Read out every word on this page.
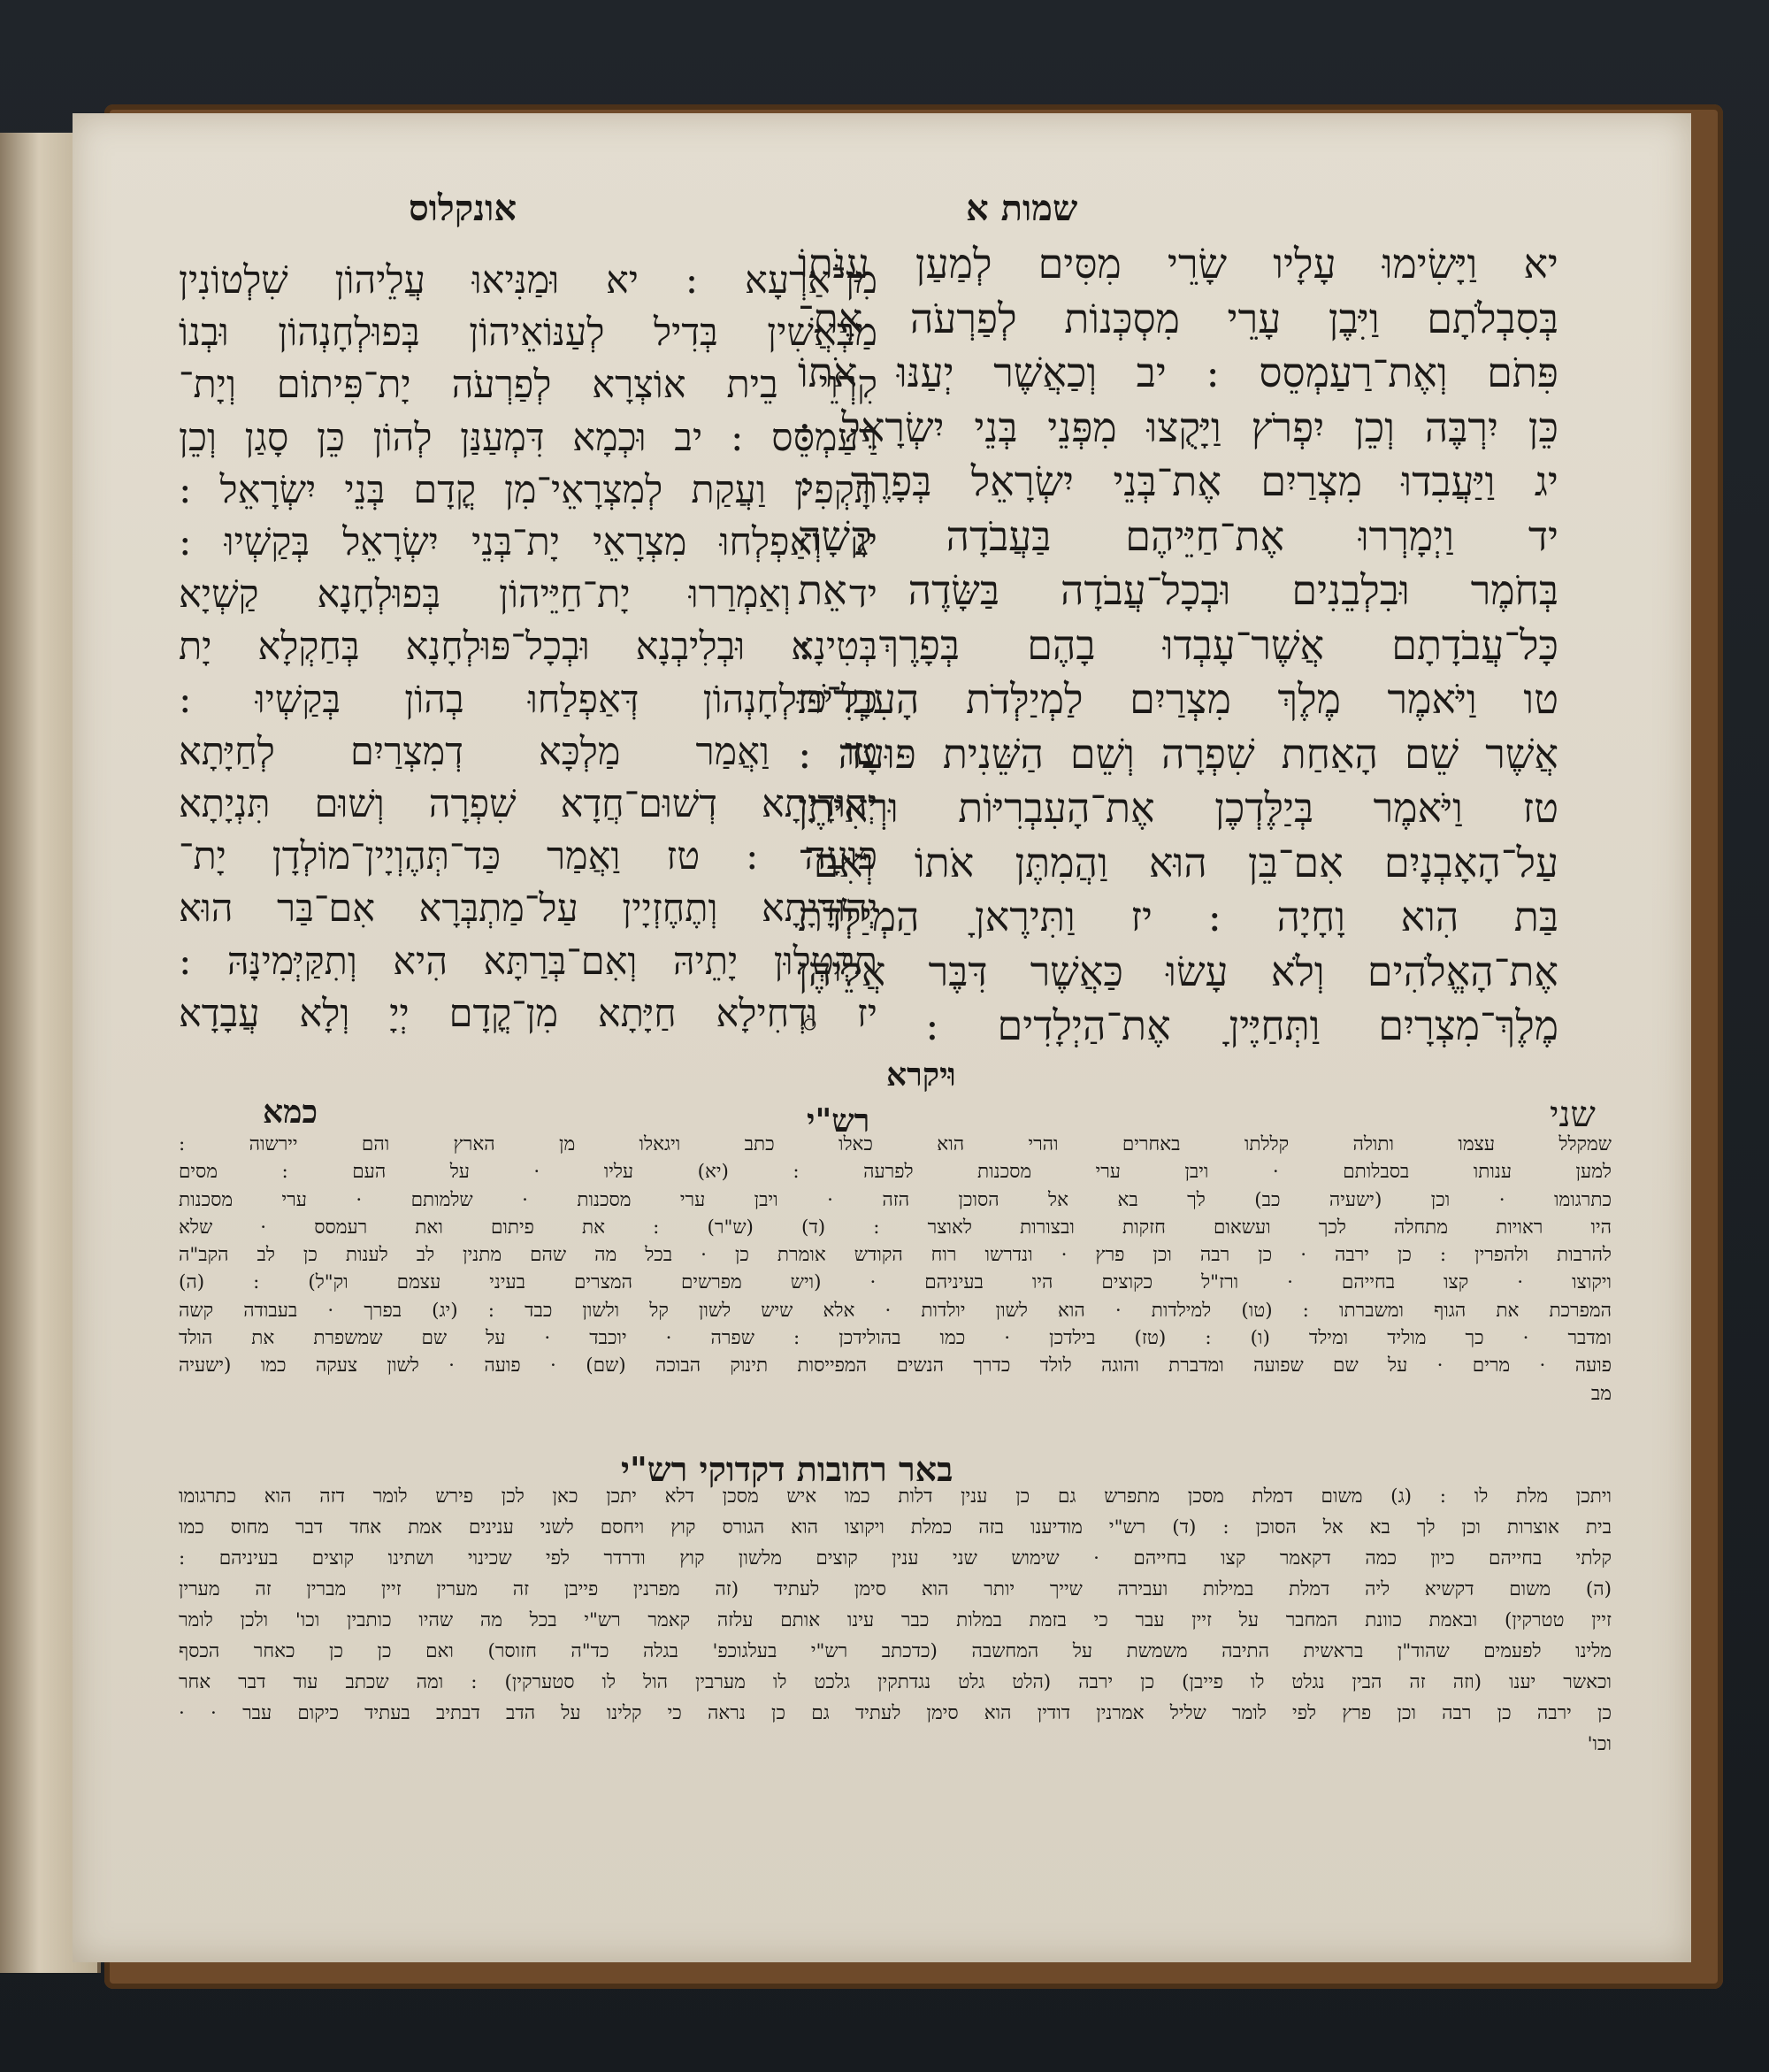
שמות א
אונקלוס
יא וַיָּשִׂימוּ עָלָיו שָׂרֵי מִסִּים לְמַעַן עַנֹּתוֹ
בְּסִבְלֹתָם וַיִּבֶן עָרֵי מִסְכְּנוֹת לְפַרְעֹה אֶת־
פִּתֹם וְאֶת־רַעַמְסֵס : יב וְכַאֲשֶׁר יְעַנּוּ אֹתוֹ
כֵּן יִרְבֶּה וְכֵן יִפְרֹץ וַיָּקֻצוּ מִפְּנֵי בְּנֵי יִשְׂרָאֵל :
יג וַיַּעֲבִדוּ מִצְרַיִם אֶת־בְּנֵי יִשְׂרָאֵל בְּפָרֶךְ :
יד וַיְמָרְרוּ אֶת־חַיֵּיהֶם בַּעֲבֹדָה קָשָׁה
בְּחֹמֶר וּבִלְבֵנִים וּבְכָל־עֲבֹדָה בַּשָּׂדֶה אֵת
כָּל־עֲבֹדָתָם אֲשֶׁר־עָבְדוּ בָהֶם בְּפָרֶךְ :
טו וַיֹּאמֶר מֶלֶךְ מִצְרַיִם לַמְיַלְּדֹת הָעִבְרִיֹּת
אֲשֶׁר שֵׁם הָאַחַת שִׁפְרָה וְשֵׁם הַשֵּׁנִית פּוּעָה :
טז וַיֹּאמֶר בְּיַלֶּדְכֶן אֶת־הָעִבְרִיּוֹת וּרְאִיתֶן
עַל־הָאָבְנָיִם אִם־בֵּן הוּא וַהֲמִתֶּן אֹתוֹ וְאִם־
בַּת הִוא וָחָיָה : יז וַתִּירֶאןָ הַמְיַלְּדֹת
אֶת־הָאֱלֹהִים וְלֹא עָשׂוּ כַּאֲשֶׁר דִּבֶּר אֲלֵיהֶן
מֶלֶךְ־מִצְרָיִם וַתְּחַיֶּיןָ אֶת־הַיְלָדִים : ◦
מִן־אַרְעָא : יא וּמַנִּיאוּ עֲלֵיהוֹן שִׁלְטוֹנִין
מַבְאֲשִׁין בְּדִיל לְעַנּוֹאֵיהוֹן בְּפוּלְחָנְהוֹן וּבְנוֹ
קִרְוֵי בֵית אוֹצְרָא לְפַרְעֹה יָת־פִּיתוֹם וְיָת־
רַעַמְסֵס : יב וּכְמָא דִּמְעַנַּן לְהוֹן כֵּן סָגַן וְכֵן
תָּקְפִין וַעֲקַת לְמִצְרָאֵי־מִן קֳדָם בְּנֵי יִשְׂרָאֵל :
יג וְאַפְלְחוּ מִצְרָאֵי יָת־בְּנֵי יִשְׂרָאֵל בְּקַשְׁיוּ :
יד וְאַמְרַרוּ יָת־חַיֵּיהוֹן בְּפוּלְחָנָא קַשְׁיָא
בְּטִינָא וּבְלִיבְנָא וּבְכָל־פּוּלְחָנָא בְּחַקְלָא יָת
כָּל־פּוּלְחָנְהוֹן דְּאַפְלַחוּ בְהוֹן בְּקַשְׁיוּ :
טו וַאֲמַר מַלְכָּא דְמִצְרַיִם לְחַיָּתָא
יְהוּדָיָתָא דְשׁוּם־חֲדָא שִׁפְרָה וְשׁוּם תִּנְיָתָא
פּוּעָה : טז וַאֲמַר כַּד־תְּהֶוְיָין־מוֹלְדָן יָת־
יְהוּדָיָתָא וְתֶחֶזְיָין עַל־מַתְבְּרָא אִם־בַּר הוּא
תִּקְטְלוּן יָתֵיהּ וְאִם־בְּרַתָּא הִיא וְתִקַּיְּמִינָּהּ :
יז וּדְחִילָא חַיָּתָא מִן־קֳדָם יְיָ וְלָא עֲבָדָא
שני
וּיקרא
רש"י
כמא
שמקלל עצמו ותולה קללתו באחרים והרי הוא כאלו כתב ויגאלו מן הארץ והם יירשוה :
למען ענותו בסבלותם · ויבן ערי מסכנות לפרעה : (יא) עליו · על העם : מסים
כתרגומו · וכן (ישעיה כב) לך בא אל הסוכן הזה · ויבן ערי מסכנות · שלמותם · ערי מסכנות
היו ראויות מתחלה לכך ועשאום חזקות ובצורות לאוצר : (ד) (ש"ר) : את פיתום ואת רעמסס · שלא
להרבות ולהפרין : כן ירבה · כן רבה וכן פרץ · ונדרשו רוח הקודש אומרת כן · בכל מה שהם מתנין לב לענות כן לב הקב"ה
ויקוצו · קצו בחייהם · ורז"ל כקוצים היו בעיניהם · (ויש מפרשים המצרים בעיני עצמם וק"ל) : (ה)
המפרכת את הגוף ומשברתו : (טו) למילדות · הוא לשון יולדות · אלא שיש לשון קל ולשון כבד : (יג) בפרך · בעבודה קשה
ומדבר · כך מוליד ומילד (ו) : (טז) בילדכן · כמו בהולידכן : שפרה · יוכבד · על שם שמשפרת את הולד
פועה · מרים · על שם שפועה ומדברת והוגה לולד כדרך הנשים המפייסות תינוק הבוכה (שם) · פועה · לשון צעקה כמו (ישעיה
מב
באר רחובות דקדוקי רש"י
ויתכן מלת לו : (ג) משום דמלת מסכן מתפרש גם כן ענין דלות כמו איש מסכן דלא יתכן כאן לכן פירש לומר דזה הוא כתרגומו
בית אוצרות וכן לך בא אל הסוכן : (ד) רש"י מודיענו בזה כמלת ויקוצו הוא הגורס קוץ ויחסם לשני ענינים אמת אחד דבר מחוס כמו
קלתי בחייהם כיון כמה דקאמר קצו בחייהם · שימוש שני ענין קוצים מלשון קוץ ודרדר לפי שכינוי ושתינו קוצים בעיניהם :
(ה) משום דקשיא ליה דמלת במילות ועבירה שייך יותר הוא סימן לעתיד (זה מפרנין פייבן זה מערין זיין מברין זה מערין
זיין טטרקין) ובאמת כוונת המחבר על זיין עבר כי בזמת במלות כבר עינו אותם עלזה קאמר רש"י בכל מה שהיו כותבין וכו' ולכן לומר
מלינו לפעמים שהוד"ן בראשית התיבה משמשת על המחשבה (כדכתב רש"י בעלגוכפ' בגלה כד"ה חזוסר) ואם כן כן כאחר הכסף
וכאשר יענו (וזה זה הבין נגלט לו פייבן) כן ירבה (הלט גלט נגדתקין גלכט לו מערבין הול לו סטערקין) : ומה שכתב עוד דבר אחר
כן ירבה כן רבה וכן פרץ לפי לומר שליל אמרנין דודין הוא סימן לעתיד גם כן נראה כי קלינו על הדב דבתיב בעתיד כיקום עבר · ·
וכו'
